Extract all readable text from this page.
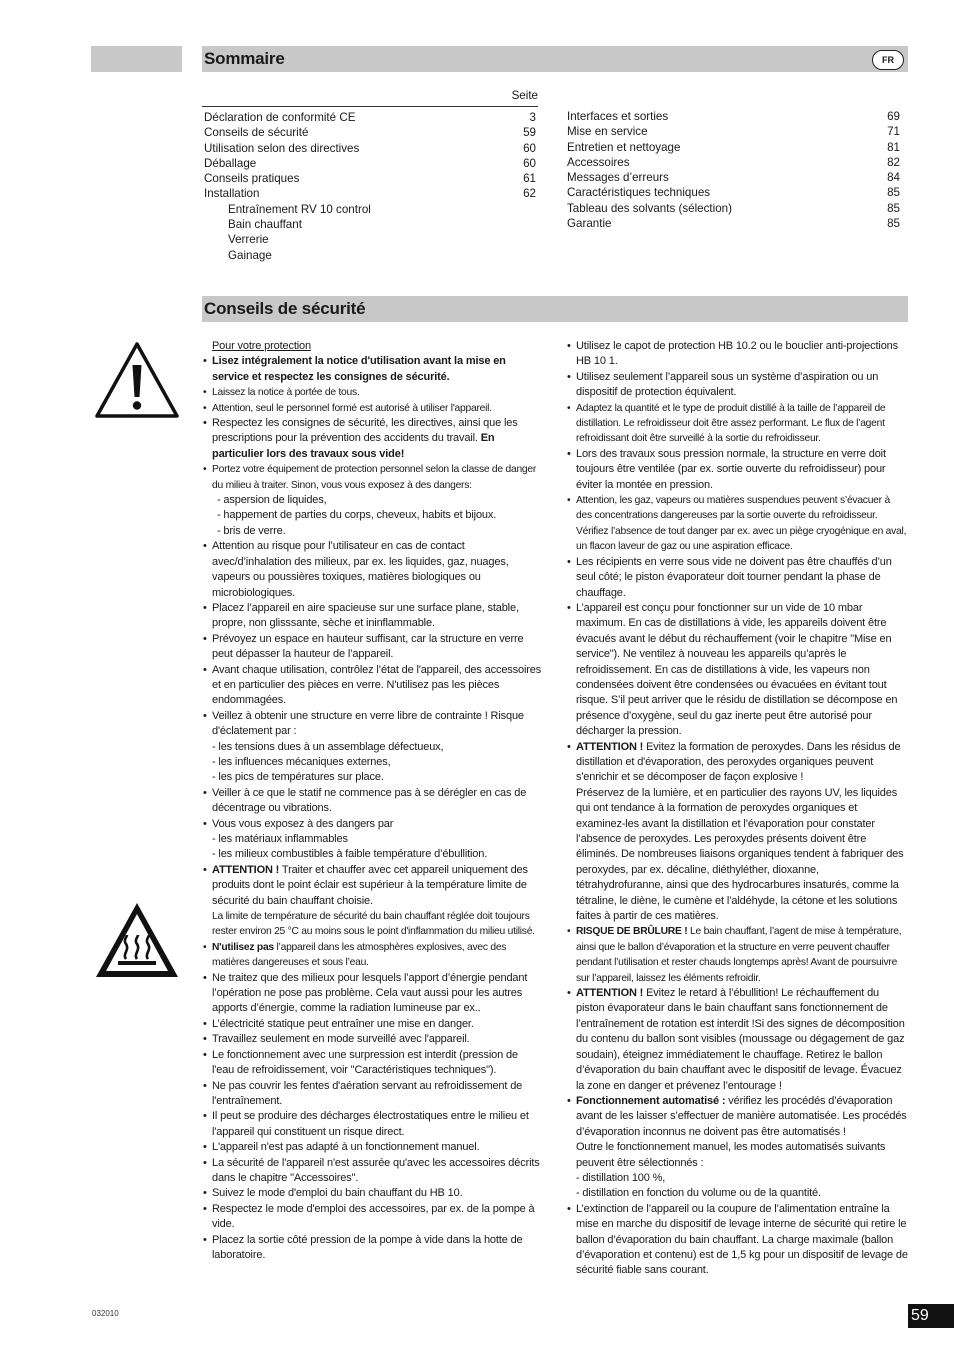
Sommaire	FR
Seite
Déclaration de conformité CE	3
Conseils de sécurité	59
Utilisation selon des directives	60
Déballage	60
Conseils pratiques	61
Installation	62
Entraînement RV 10 control
Bain chauffant
Verrerie
Gainage
Interfaces et sorties	69
Mise en service	71
Entretien et nettoyage	81
Accessoires	82
Messages d’erreurs	84
Caractéristiques techniques	85
Tableau des solvants (sélection)	85
Garantie	85
Conseils de sécurité

Pour votre protection

• Lisez intégralement la notice d'utilisation avant la mise en service et respectez les consignes de sécurité.

• Laissez la notice à portée de tous.

• Attention, seul le personnel formé est autorisé à utiliser l'appareil.

• Respectez les consignes de sécurité, les directives, ainsi que les prescriptions pour la prévention des accidents du travail. En particulier lors des travaux sous vide!

• Portez votre équipement de protection personnel selon la classe de danger du milieu à traiter. Sinon, vous vous exposez à des dangers:

- aspersion de liquides,

- happement de parties du corps, cheveux, habits et bijoux.

- bris de verre.

• Attention au risque pour l’utilisateur en cas de contact avec/d’inhalation des milieux, par ex. les liquides, gaz, nuages, vapeurs ou poussières toxiques, matières biologiques ou microbiologiques.

• Placez l’appareil en aire spacieuse sur une surface plane, stable, propre, non glisssante, sèche et ininflammable.

• Prévoyez un espace en hauteur suffisant, car la structure en verre peut dépasser la hauteur de l’appareil.

• Avant chaque utilisation, contrôlez l’état de l'appareil, des accessoires et en particulier des pièces en verre. N'utilisez pas les pièces endommagées.

• Veillez à obtenir une structure en verre libre de contrainte ! Risque d'éclatement par :

- les tensions dues à un assemblage défectueux,

- les influences mécaniques externes,

- les pics de températures sur place.

• Veiller à ce que le statif ne commence pas à se dérégler en cas de décentrage ou vibrations.

• Vous vous exposez à des dangers par

- les matériaux inflammables

- les milieux combustibles à faible température d’ébullition.

• ATTENTION ! Traiter et chauffer avec cet appareil uniquement des produits dont le point éclair est supérieur à la température limite de sécurité du bain chauffant choisie.

La limite de température de sécurité du bain chauffant réglée doit toujours rester environ 25 °C au moins sous le point d'inflammation du milieu utilisé.

• N'utilisez pas l’appareil dans les atmosphères explosives, avec des matières dangereuses et sous l’eau.

• Ne traitez que des milieux pour lesquels l’apport d’énergie pendant l’opération ne pose pas problème. Cela vaut aussi pour les autres apports d’énergie, comme la radiation lumineuse par ex..

• L’électricité statique peut entraîner une mise en danger.

• Travaillez seulement en mode surveillé avec l'appareil.

• Le fonctionnement avec une surpression est interdit (pression de l'eau de refroidissement, voir "Caractéristiques techniques").

• Ne pas couvrir les fentes d'aération servant au refroidissement de l'entraînement.

• Il peut se produire des décharges électrostatiques entre le milieu et l'appareil qui constituent un risque direct.

• L'appareil n'est pas adapté à un fonctionnement manuel.

• La sécurité de l'appareil n'est assurée qu'avec les accessoires décrits dans le chapitre "Accessoires".

• Suivez le mode d'emploi du bain chauffant du HB 10.

• Respectez le mode d'emploi des accessoires, par ex. de la pompe à vide.

• Placez la sortie côté pression de la pompe à vide dans la hotte de laboratoire.

• Utilisez le capot de protection HB 10.2 ou le bouclier anti-projections HB 10 1.

• Utilisez seulement l’appareil sous un système d’aspiration ou un dispositif de protection équivalent.

• Adaptez la quantité et le type de produit distillé à la taille de l’appareil de distillation. Le refroidisseur doit être assez performant. Le flux de l’agent refroidissant doit être surveillé à la sortie du refroidisseur.

• Lors des travaux sous pression normale, la structure en verre doit toujours être ventilée (par ex. sortie ouverte du refroidisseur) pour éviter la montée en pression.

• Attention, les gaz, vapeurs ou matières suspendues peuvent s’évacuer à des concentrations dangereuses par la sortie ouverte du refroidisseur. Vérifiez l’absence de tout danger par ex. avec un piège cryogénique en aval, un flacon laveur de gaz ou une aspiration efficace.

• Les récipients en verre sous vide ne doivent pas être chauffés d’un seul côté; le piston évaporateur doit tourner pendant la phase de chauffage.

• L’appareil est conçu pour fonctionner sur un vide de 10 mbar maximum. En cas de distillations à vide, les appareils doivent être évacués avant le début du réchauffement (voir le chapitre "Mise en service"). Ne ventilez à nouveau les appareils qu’après le refroidissement. En cas de distillations à vide, les vapeurs non condensées doivent être condensées ou évacuées en évitant tout risque. S’il peut arriver que le résidu de distillation se décompose en présence d’oxygène, seul du gaz inerte peut être autorisé pour décharger la pression.

• ATTENTION ! Evitez la formation de peroxydes. Dans les résidus de distillation et d'évaporation, des peroxydes organiques peuvent s'enrichir et se décomposer de façon explosive !

Préservez de la lumière, et en particulier des rayons UV, les liquides qui ont tendance à la formation de peroxydes organiques et examinez-les avant la distillation et l’évaporation pour constater l’absence de peroxydes. Les peroxydes présents doivent être éliminés. De nombreuses liaisons organiques tendent à fabriquer des peroxydes, par ex. décaline, diéthyléther, dioxanne, tétrahydrofuranne, ainsi que des hydrocarbures insaturés, comme la tétraline, le diène, le cumène et l’aldéhyde, la cétone et les solutions faites à partir de ces matières.

• RISQUE DE BRÛLURE ! Le bain chauffant, l’agent de mise à température, ainsi que le ballon d’évaporation et la structure en verre peuvent chauffer pendant l’utilisation et rester chauds longtemps après! Avant de poursuivre sur l’appareil, laissez les éléments refroidir.

• ATTENTION ! Evitez le retard à l’ébullition! Le réchauffement du piston évaporateur dans le bain chauffant sans fonctionnement de l’entraînement de rotation est interdit !Si des signes de décomposition du contenu du ballon sont visibles (moussage ou dégagement de gaz soudain), éteignez immédiatement le chauffage. Retirez le ballon d’évaporation du bain chauffant avec le dispositif de levage. Évacuez la zone en danger et prévenez l’entourage !

• Fonctionnement automatisé : vérifiez les procédés d’évaporation avant de les laisser s’effectuer de manière automatisée. Les procédés d’évaporation inconnus ne doivent pas être automatisés !

Outre le fonctionnement manuel, les modes automatisés suivants peuvent être sélectionnés :

- distillation 100 %,

- distillation en fonction du volume ou de la quantité.

• L’extinction de l’appareil ou la coupure de l’alimentation entraîne la mise en marche du dispositif de levage interne de sécurité qui retire le ballon d’évaporation du bain chauffant. La charge maximale (ballon d’évaporation et contenu) est de 1,5 kg pour un dispositif de levage de sécurité fiable sans courant.

032010	59
